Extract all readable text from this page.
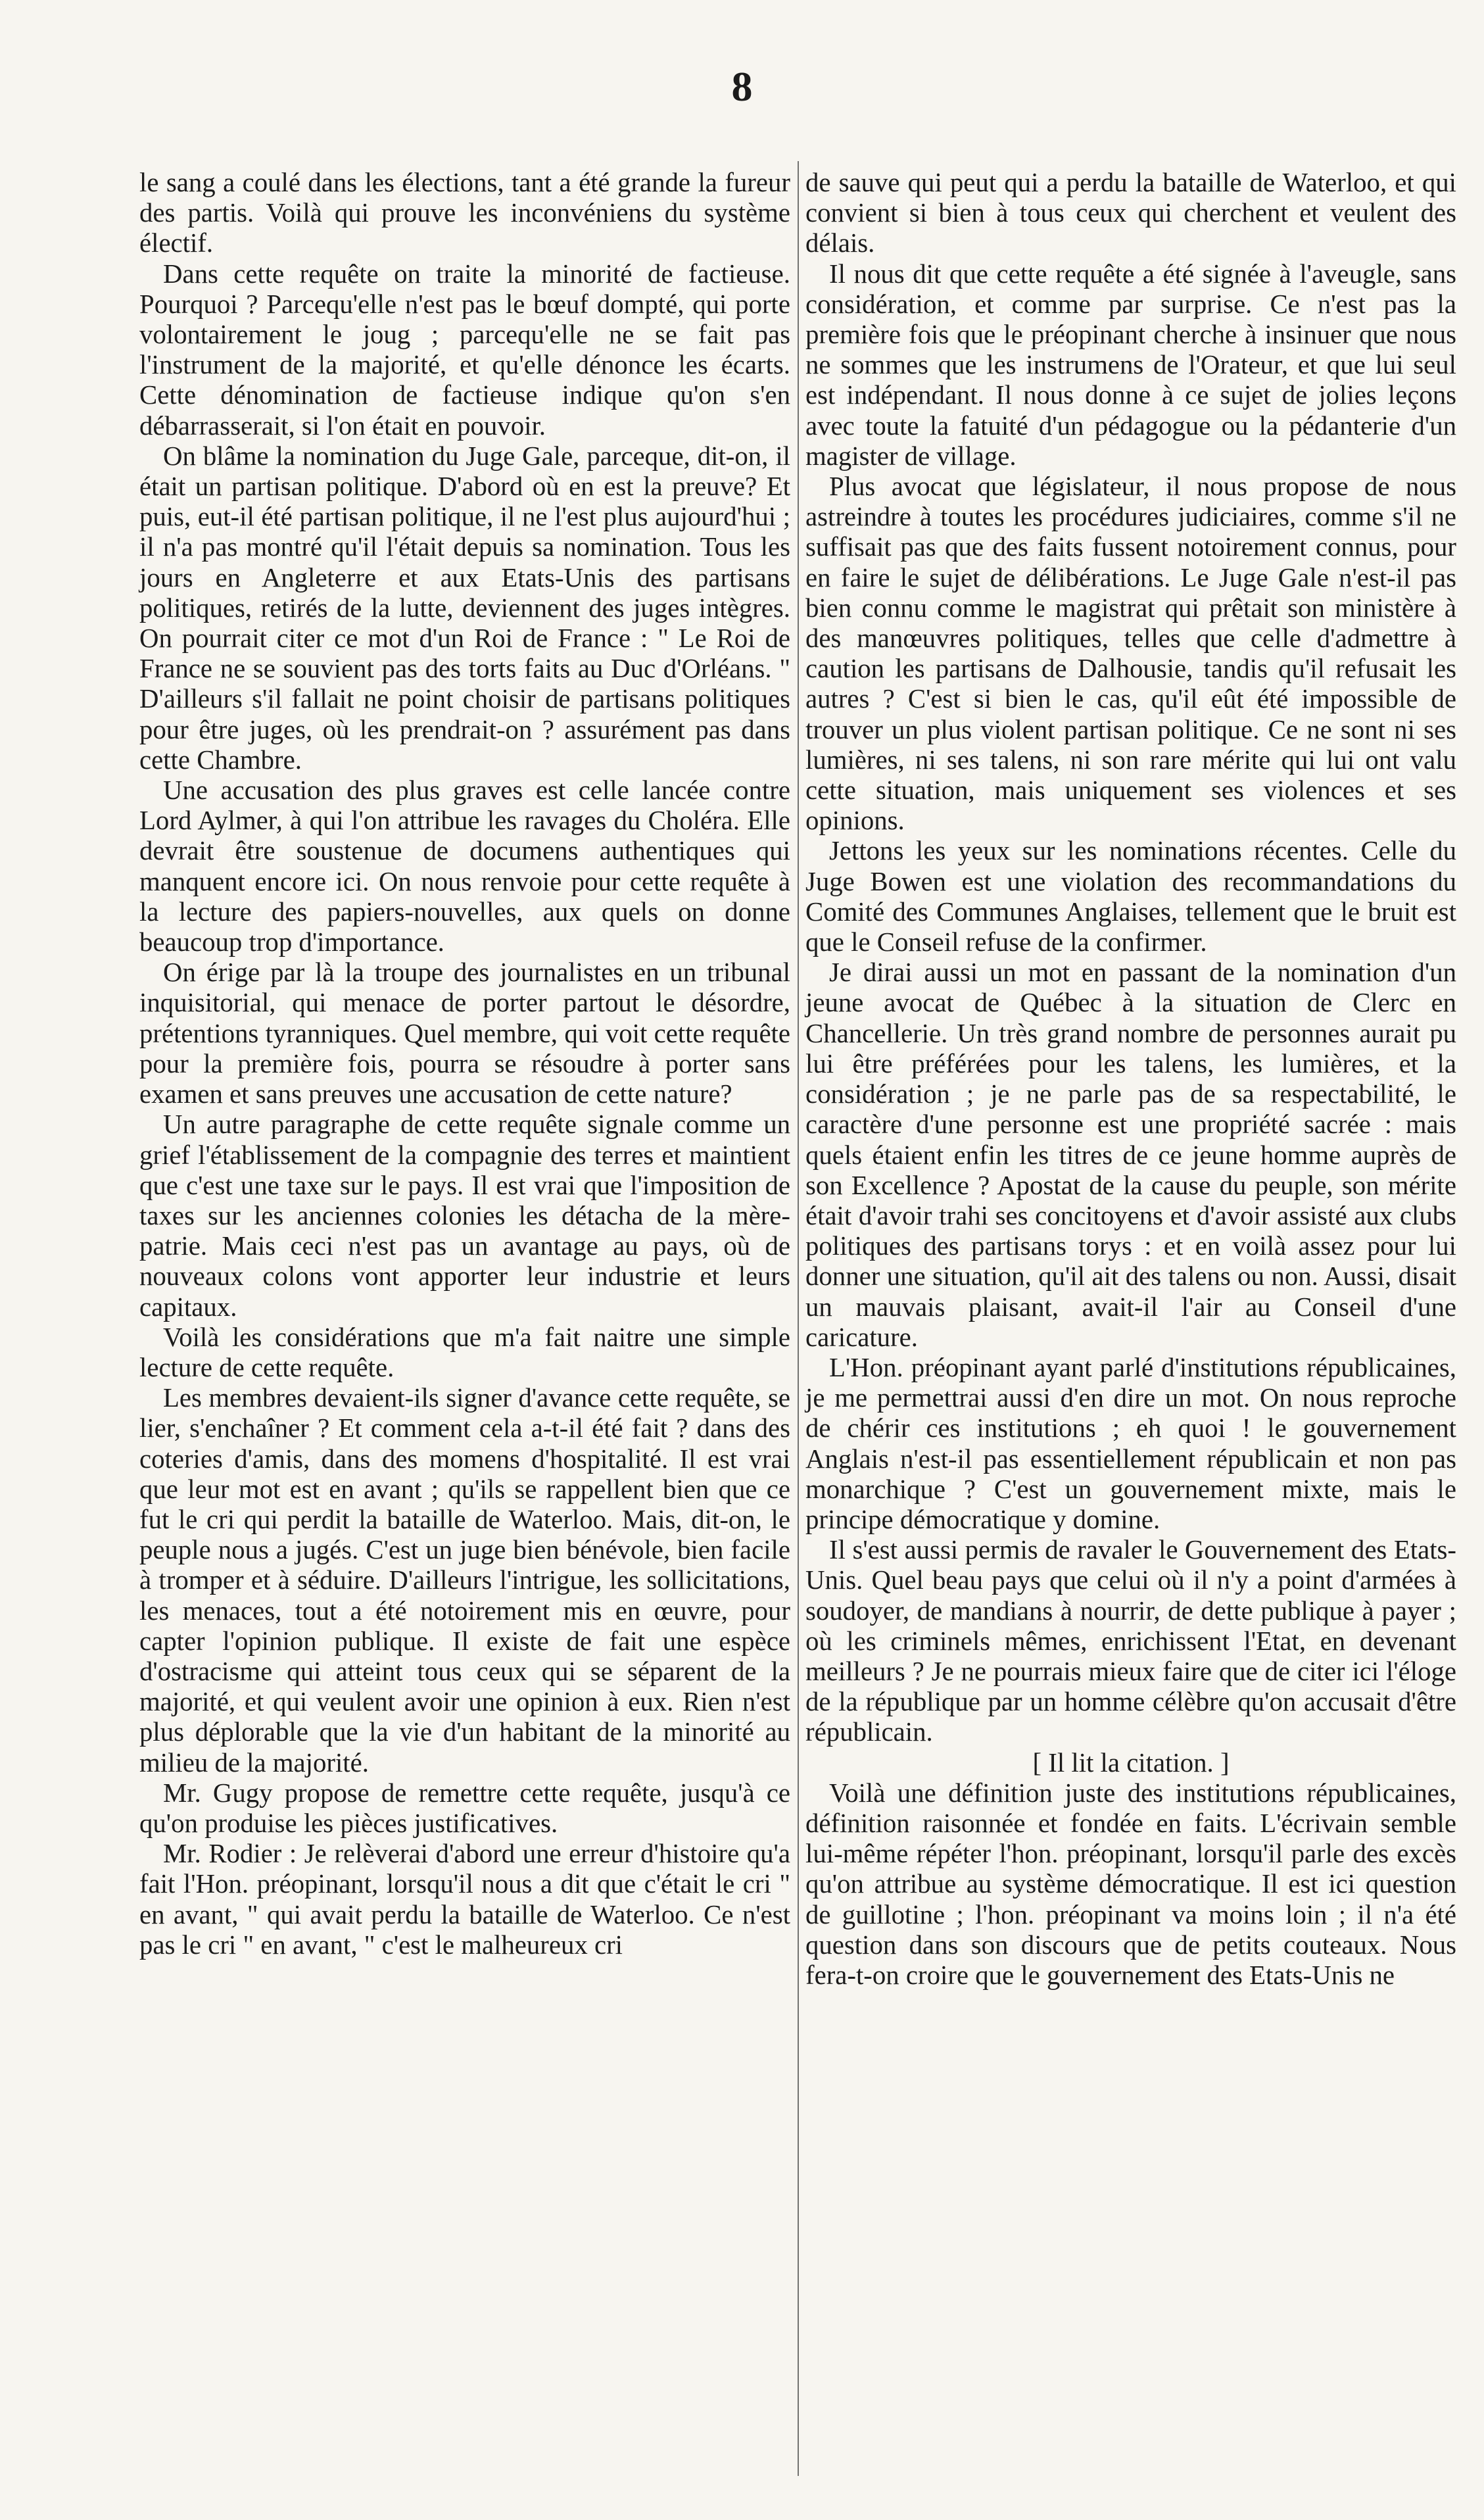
8

le sang a coulé dans les élections, tant a été grande la fureur des partis. Voilà qui prouve les inconvéniens du système électif.

Dans cette requête on traite la minorité de factieuse. Pourquoi ? Parcequ'elle n'est pas le bœuf dompté, qui porte volontairement le joug ; parcequ'elle ne se fait pas l'instrument de la majorité, et qu'elle dénonce les écarts. Cette dénomination de factieuse indique qu'on s'en débarrasserait, si l'on était en pouvoir.

On blâme la nomination du Juge Gale, parceque, dit-on, il était un partisan politique. D'abord où en est la preuve? Et puis, eut-il été partisan politique, il ne l'est plus aujourd'hui ; il n'a pas montré qu'il l'était depuis sa nomination. Tous les jours en Angleterre et aux Etats-Unis des partisans politiques, retirés de la lutte, deviennent des juges intègres. On pourrait citer ce mot d'un Roi de France : " Le Roi de France ne se souvient pas des torts faits au Duc d'Orléans. " D'ailleurs s'il fallait ne point choisir de partisans politiques pour être juges, où les prendrait-on ? assurément pas dans cette Chambre.

Une accusation des plus graves est celle lancée contre Lord Aylmer, à qui l'on attribue les ravages du Choléra. Elle devrait être soustenue de documens authentiques qui manquent encore ici. On nous renvoie pour cette requête à la lecture des papiers-nouvelles, aux quels on donne beaucoup trop d'importance.

On érige par là la troupe des journalistes en un tribunal inquisitorial, qui menace de porter partout le désordre, prétentions tyranniques. Quel membre, qui voit cette requête pour la première fois, pourra se résoudre à porter sans examen et sans preuves une accusation de cette nature?

Un autre paragraphe de cette requête signale comme un grief l'établissement de la compagnie des terres et maintient que c'est une taxe sur le pays. Il est vrai que l'imposition de taxes sur les anciennes colonies les détacha de la mère-patrie. Mais ceci n'est pas un avantage au pays, où de nouveaux colons vont apporter leur industrie et leurs capitaux.

Voilà les considérations que m'a fait naitre une simple lecture de cette requête.

Les membres devaient-ils signer d'avance cette requête, se lier, s'enchaîner ? Et comment cela a-t-il été fait ? dans des coteries d'amis, dans des momens d'hospitalité. Il est vrai que leur mot est en avant ; qu'ils se rappellent bien que ce fut le cri qui perdit la bataille de Waterloo. Mais, dit-on, le peuple nous a jugés. C'est un juge bien bénévole, bien facile à tromper et à séduire. D'ailleurs l'intrigue, les sollicitations, les menaces, tout a été notoirement mis en œuvre, pour capter l'opinion publique. Il existe de fait une espèce d'ostracisme qui atteint tous ceux qui se séparent de la majorité, et qui veulent avoir une opinion à eux. Rien n'est plus déplorable que la vie d'un habitant de la minorité au milieu de la majorité.

Mr. Gugy propose de remettre cette requête, jusqu'à ce qu'on produise les pièces justificatives.

Mr. Rodier : Je relèverai d'abord une erreur d'histoire qu'a fait l'Hon. préopinant, lorsqu'il nous a dit que c'était le cri " en avant, " qui avait perdu la bataille de Waterloo. Ce n'est pas le cri " en avant, " c'est le malheureux cri

de sauve qui peut qui a perdu la bataille de Waterloo, et qui convient si bien à tous ceux qui cherchent et veulent des délais.

Il nous dit que cette requête a été signée à l'aveugle, sans considération, et comme par surprise. Ce n'est pas la première fois que le préopinant cherche à insinuer que nous ne sommes que les instrumens de l'Orateur, et que lui seul est indépendant. Il nous donne à ce sujet de jolies leçons avec toute la fatuité d'un pédagogue ou la pédanterie d'un magister de village.

Plus avocat que législateur, il nous propose de nous astreindre à toutes les procédures judiciaires, comme s'il ne suffisait pas que des faits fussent notoirement connus, pour en faire le sujet de délibérations. Le Juge Gale n'est-il pas bien connu comme le magistrat qui prêtait son ministère à des manœuvres politiques, telles que celle d'admettre à caution les partisans de Dalhousie, tandis qu'il refusait les autres ? C'est si bien le cas, qu'il eût été impossible de trouver un plus violent partisan politique. Ce ne sont ni ses lumières, ni ses talens, ni son rare mérite qui lui ont valu cette situation, mais uniquement ses violences et ses opinions.

Jettons les yeux sur les nominations récentes. Celle du Juge Bowen est une violation des recommandations du Comité des Communes Anglaises, tellement que le bruit est que le Conseil refuse de la confirmer.

Je dirai aussi un mot en passant de la nomination d'un jeune avocat de Québec à la situation de Clerc en Chancellerie. Un très grand nombre de personnes aurait pu lui être préférées pour les talens, les lumières, et la considération ; je ne parle pas de sa respectabilité, le caractère d'une personne est une propriété sacrée : mais quels étaient enfin les titres de ce jeune homme auprès de son Excellence ? Apostat de la cause du peuple, son mérite était d'avoir trahi ses concitoyens et d'avoir assisté aux clubs politiques des partisans torys : et en voilà assez pour lui donner une situation, qu'il ait des talens ou non. Aussi, disait un mauvais plaisant, avait-il l'air au Conseil d'une caricature.

L'Hon. préopinant ayant parlé d'institutions républicaines, je me permettrai aussi d'en dire un mot. On nous reproche de chérir ces institutions ; eh quoi ! le gouvernement Anglais n'est-il pas essentiellement républicain et non pas monarchique ? C'est un gouvernement mixte, mais le principe démocratique y domine.

Il s'est aussi permis de ravaler le Gouvernement des Etats-Unis. Quel beau pays que celui où il n'y a point d'armées à soudoyer, de mandians à nourrir, de dette publique à payer ; où les criminels mêmes, enrichissent l'Etat, en devenant meilleurs ? Je ne pourrais mieux faire que de citer ici l'éloge de la république par un homme célèbre qu'on accusait d'être républicain.

[ Il lit la citation. ]

Voilà une définition juste des institutions républicaines, définition raisonnée et fondée en faits. L'écrivain semble lui-même répéter l'hon. préopinant, lorsqu'il parle des excès qu'on attribue au système démocratique. Il est ici question de guillotine ; l'hon. préopinant va moins loin ; il n'a été question dans son discours que de petits couteaux. Nous fera-t-on croire que le gouvernement des Etats-Unis ne
